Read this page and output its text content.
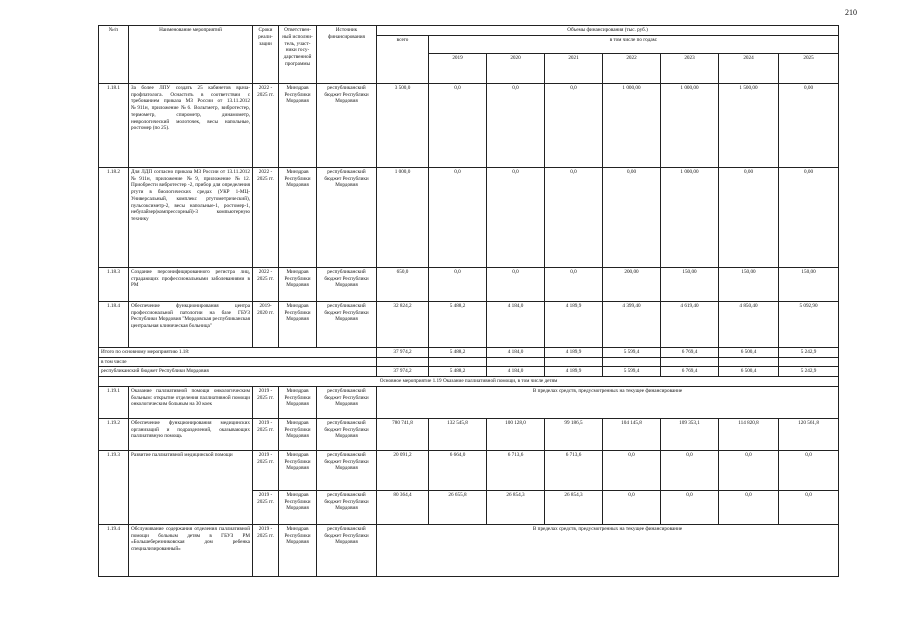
210
№/п	Наименование мероприятий	Сроки реали- зации	Ответствен- ный исполни- тель, участ- ники госу- дарственной программы	Источник финансирования	Объемы финансирования (тыс. руб.)							
					всего	в том числе по годам:						
						2019	2020	2021	2022	2023	2024	2025
1.18.1	За более ЛПУ создать 25 кабинетов врача-профпатолога. Оснастить в соответствии с требованием приказа МЗ России от 13.11.2012 №911н, приложение №6. Вольтметр, вибротестер, термометр, спирометр, динамометр, неврологический молоточек, весы напольные, ростомер (по 25).	2022 - 2025 гг.	Минздрав Республики Мордовия	республиканский бюджет Республики Мордовия	3 500,0	0,0	0,0	0,0	1 000,00	1 000,00	1 500,00	0,00
1.18.2	Для ЛДП согласно приказа МЗ России от 13.11.2012 №911н, приложение №9, приложение №12. Приобрести вибротестер -2, прибор для определения ртути в биологических средах (УКР 1-МЦ-Универсальный, комплекс ртутометрический), пульсоксиметр-2, весы напольные-1, ростомер-1, небулайзер(компрессорный)-3 компьютерную технику	2022 - 2025 гг.	Минздрав Республики Мордовия	республиканский бюджет Республики Мордовия	1 000,0	0,0	0,0	0,0	0,00	1 000,00	0,00	0,00
1.18.3	Создание персонифицированного регистра лиц, страдающих профессиональными заболеваниями в РМ	2022 - 2025 гг.	Минздрав Республики Мордовия	республиканский бюджет Республики Мордовия	650,0	0,0	0,0	0,0	200,00	150,00	150,00	150,00
1.18.4	Обеспечение функционирования центра профессиональной патологии на базе ГБУЗ Республики Мордовия "Мордовская республиканская центральная клиническая больница"	2019- 2020 гг.	Минздрав Республики Мордовия	республиканский бюджет Республики Мордовия	32 824,2	5 488,2	4 184,0	4 189,9	4 399,40	4 619,40	4 850,40	5 092,90
Итого по основному мероприятию 1.18:					37 974,2	5 488,2	4 184,0	4 189,9	5 599,4	6 769,4	6 500,4	5 242,9
в том числе												
республиканский бюджет Республики Мордовия					37 974,2	5 488,2	4 184,0	4 189,9	5 599,4	6 769,4	6 500,4	5 242,9
Основное мероприятие 1.19 Оказание паллиативной помощи, в том числе детям												
1.19.1	Оказание паллиативной помощи онкологическим больным: открытие отделения паллиативной помощи онкологическим больным на 30 коек	2019 - 2025 гг.	Минздрав Республики Мордовия	республиканский бюджет Республики Мордовия	В пределах средств, предусмотренных на текущее финансирование							
1.19.2	Обеспечение функционирования медицинских организаций и подразделений, оказывающих паллиативную помощь	2019 - 2025 гг.	Минздрав Республики Мордовия	республиканский бюджет Республики Мордовия	780 741,8	132 545,8	100 128,0	99 186,5	104 145,8	109 353,1	114 820,8	120 561,8
1.19.3	Развитие паллиативной медицинской помощи	2019 - 2025 гг.	Минздрав Республики Мордовия	республиканский бюджет Республики Мордовия	20 091,2	6 664,0	6 713,6	6 713,6	0,0	0,0	0,0	0,0
		2019 - 2025 гг.	Минздрав Республики Мордовия	республиканский бюджет Республики Мордовия	80 364,4	26 655,8	26 854,3	26 854,3	0,0	0,0	0,0	0,0
1.19.4	Обслуживание содержания отделения паллиативной помощи больным детям в ГБУЗ РМ «Большеберезниковская дом ребенка специализированный»	2019 - 2025 гг.	Минздрав Республики Мордовия	республиканский бюджет Республики Мордовия	В пределах средств, предусмотренных на текущее финансирование							
